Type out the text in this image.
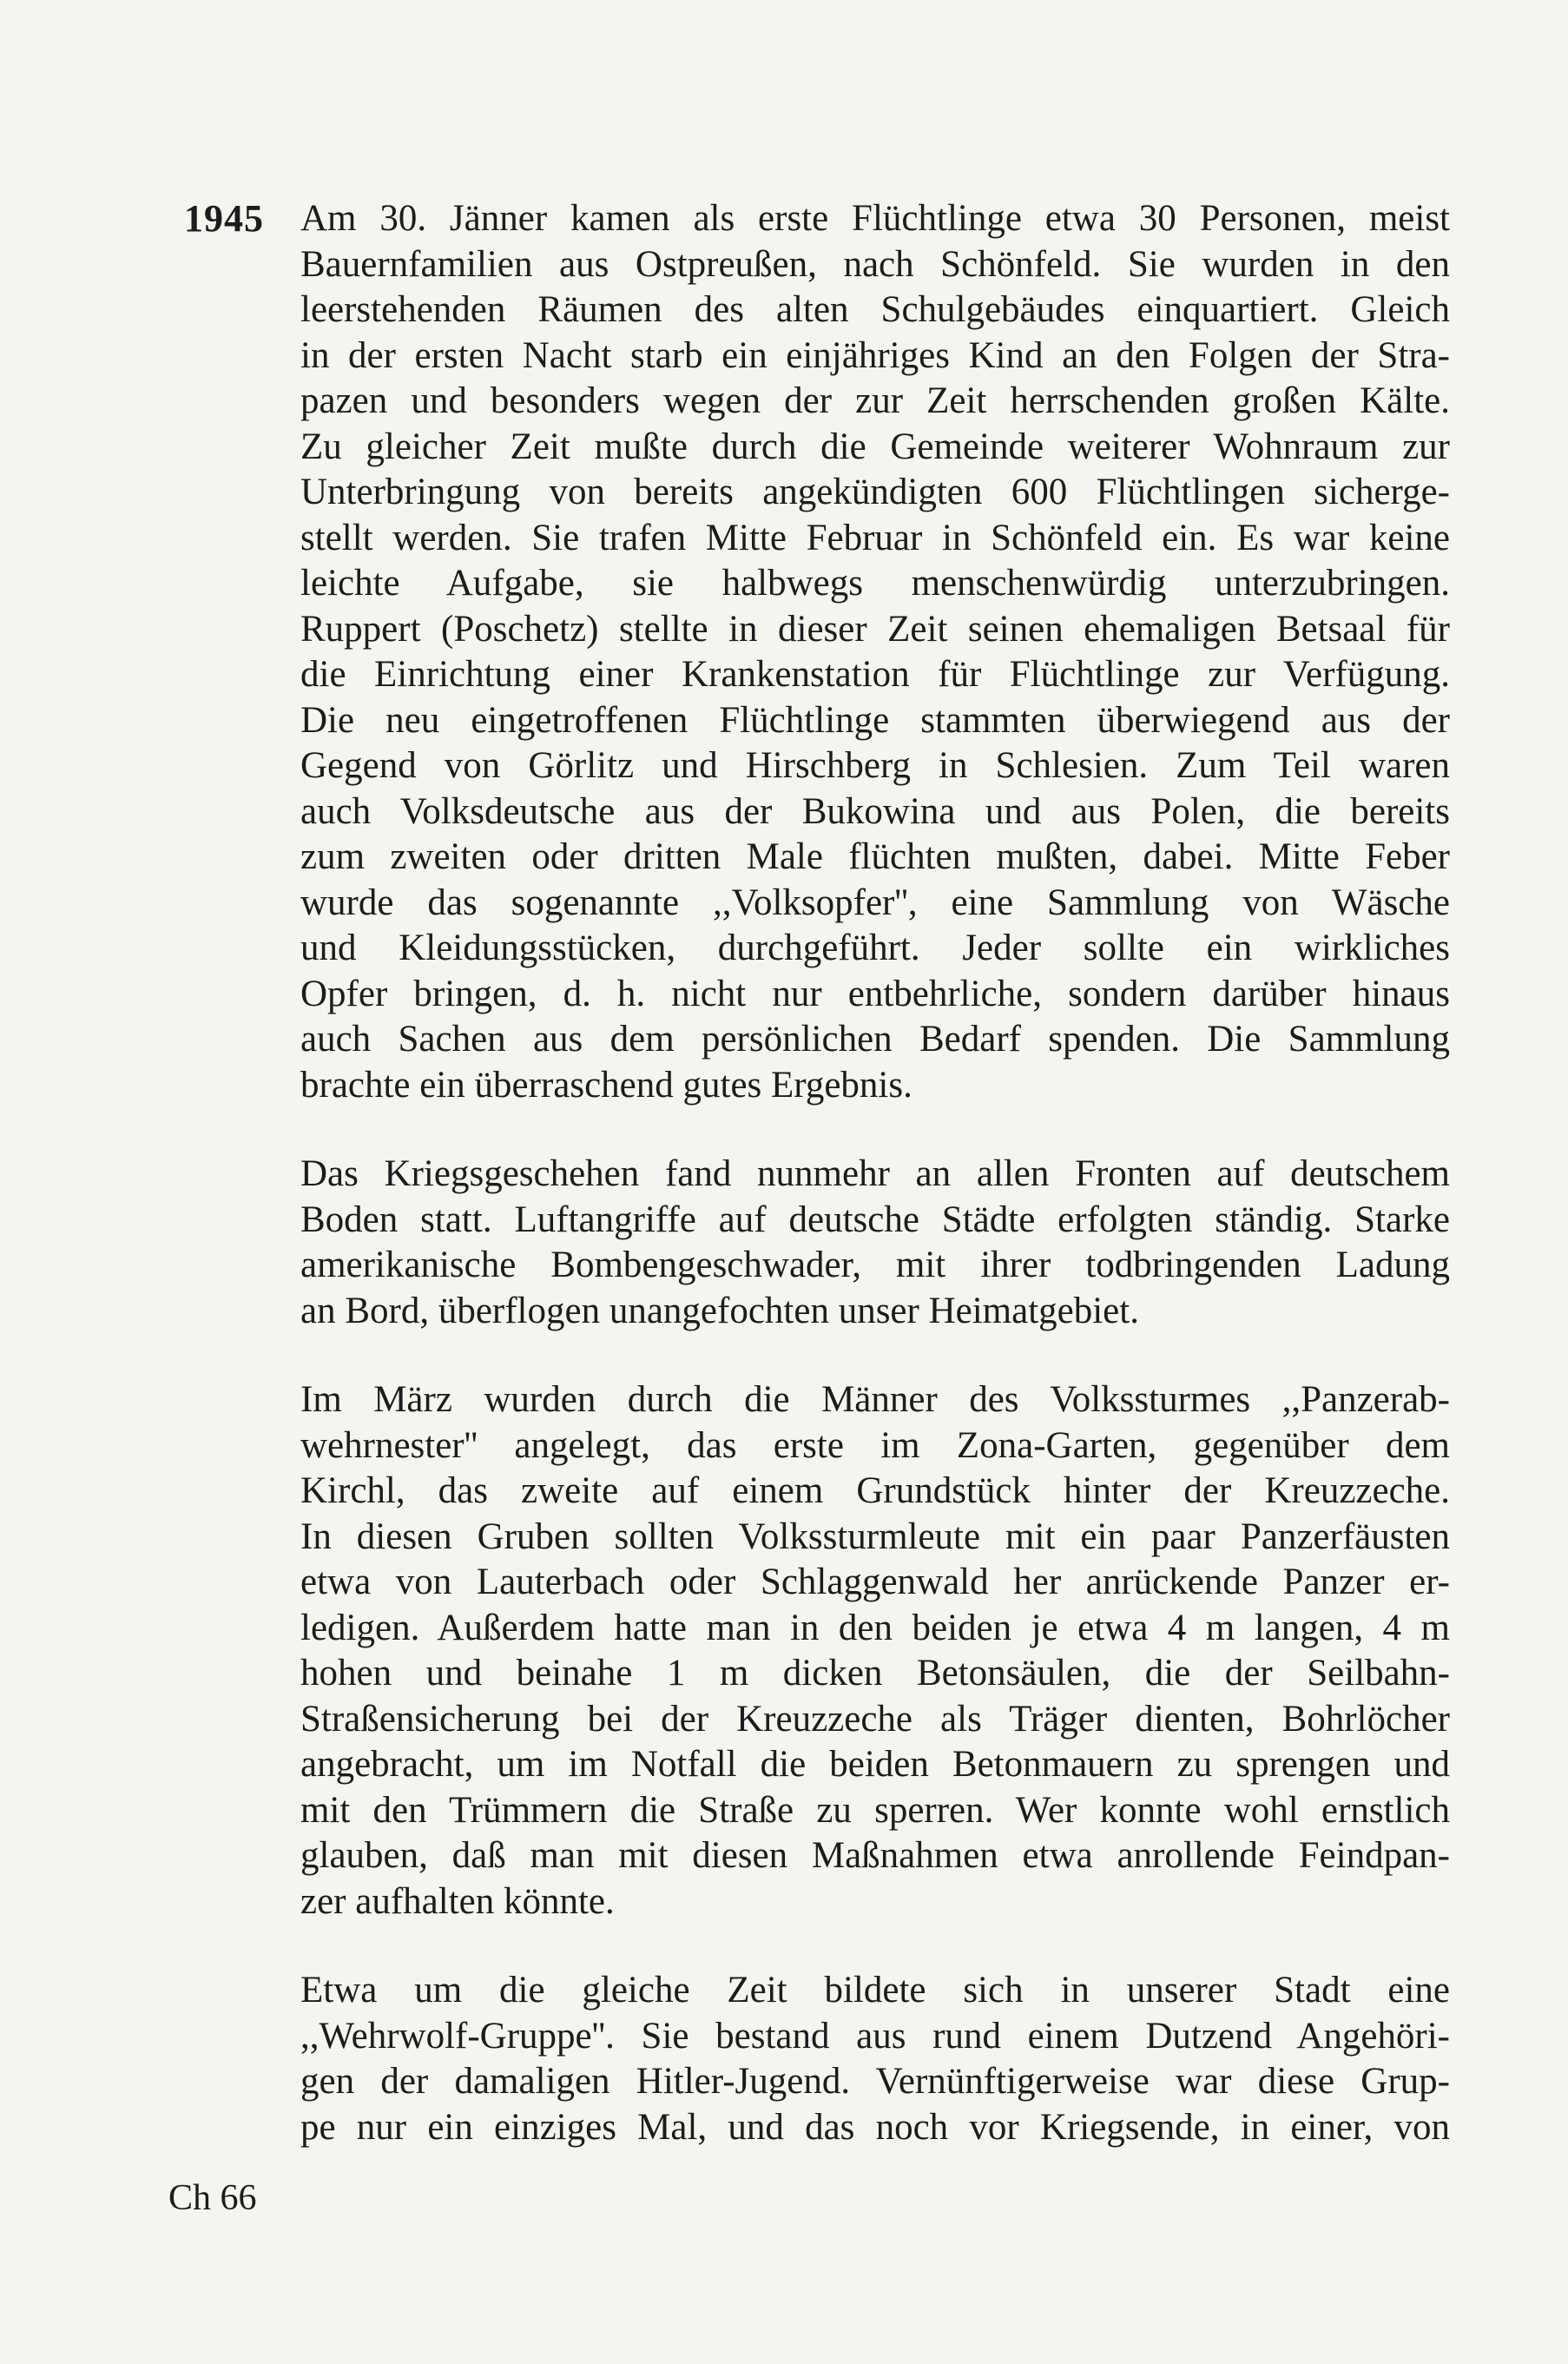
1945 Am 30. Jänner kamen als erste Flüchtlinge etwa 30 Personen, meist
Bauernfamilien aus Ostpreußen, nach Schönfeld. Sie wurden in den
leerstehenden Räumen des alten Schulgebäudes einquartiert. Gleich
in der ersten Nacht starb ein einjähriges Kind an den Folgen der Stra-
pazen und besonders wegen der zur Zeit herrschenden großen Kälte.
Zu gleicher Zeit mußte durch die Gemeinde weiterer Wohnraum zur
Unterbringung von bereits angekündigten 600 Flüchtlingen sicherge-
stellt werden. Sie trafen Mitte Februar in Schönfeld ein. Es war keine
leichte Aufgabe, sie halbwegs menschenwürdig unterzubringen.
Ruppert (Poschetz) stellte in dieser Zeit seinen ehemaligen Betsaal für
die Einrichtung einer Krankenstation für Flüchtlinge zur Verfügung.
Die neu eingetroffenen Flüchtlinge stammten überwiegend aus der
Gegend von Görlitz und Hirschberg in Schlesien. Zum Teil waren
auch Volksdeutsche aus der Bukowina und aus Polen, die bereits
zum zweiten oder dritten Male flüchten mußten, dabei. Mitte Feber
wurde das sogenannte ,,Volksopfer'', eine Sammlung von Wäsche
und Kleidungsstücken, durchgeführt. Jeder sollte ein wirkliches
Opfer bringen, d. h. nicht nur entbehrliche, sondern darüber hinaus
auch Sachen aus dem persönlichen Bedarf spenden. Die Sammlung
brachte ein überraschend gutes Ergebnis.
Das Kriegsgeschehen fand nunmehr an allen Fronten auf deutschem
Boden statt. Luftangriffe auf deutsche Städte erfolgten ständig. Starke
amerikanische Bombengeschwader, mit ihrer todbringenden Ladung
an Bord, überflogen unangefochten unser Heimatgebiet.
Im März wurden durch die Männer des Volkssturmes ,,Panzerab-
wehrnester'' angelegt, das erste im Zona-Garten, gegenüber dem
Kirchl, das zweite auf einem Grundstück hinter der Kreuzzeche.
In diesen Gruben sollten Volkssturmleute mit ein paar Panzerfäusten
etwa von Lauterbach oder Schlaggenwald her anrückende Panzer er-
ledigen. Außerdem hatte man in den beiden je etwa 4 m langen, 4 m
hohen und beinahe 1 m dicken Betonsäulen, die der Seilbahn-
Straßensicherung bei der Kreuzzeche als Träger dienten, Bohrlöcher
angebracht, um im Notfall die beiden Betonmauern zu sprengen und
mit den Trümmern die Straße zu sperren. Wer konnte wohl ernstlich
glauben, daß man mit diesen Maßnahmen etwa anrollende Feindpan-
zer aufhalten könnte.
Etwa um die gleiche Zeit bildete sich in unserer Stadt eine
,,Wehrwolf-Gruppe''. Sie bestand aus rund einem Dutzend Angehöri-
gen der damaligen Hitler-Jugend. Vernünftigerweise war diese Grup-
pe nur ein einziges Mal, und das noch vor Kriegsende, in einer, von
Ch 66
